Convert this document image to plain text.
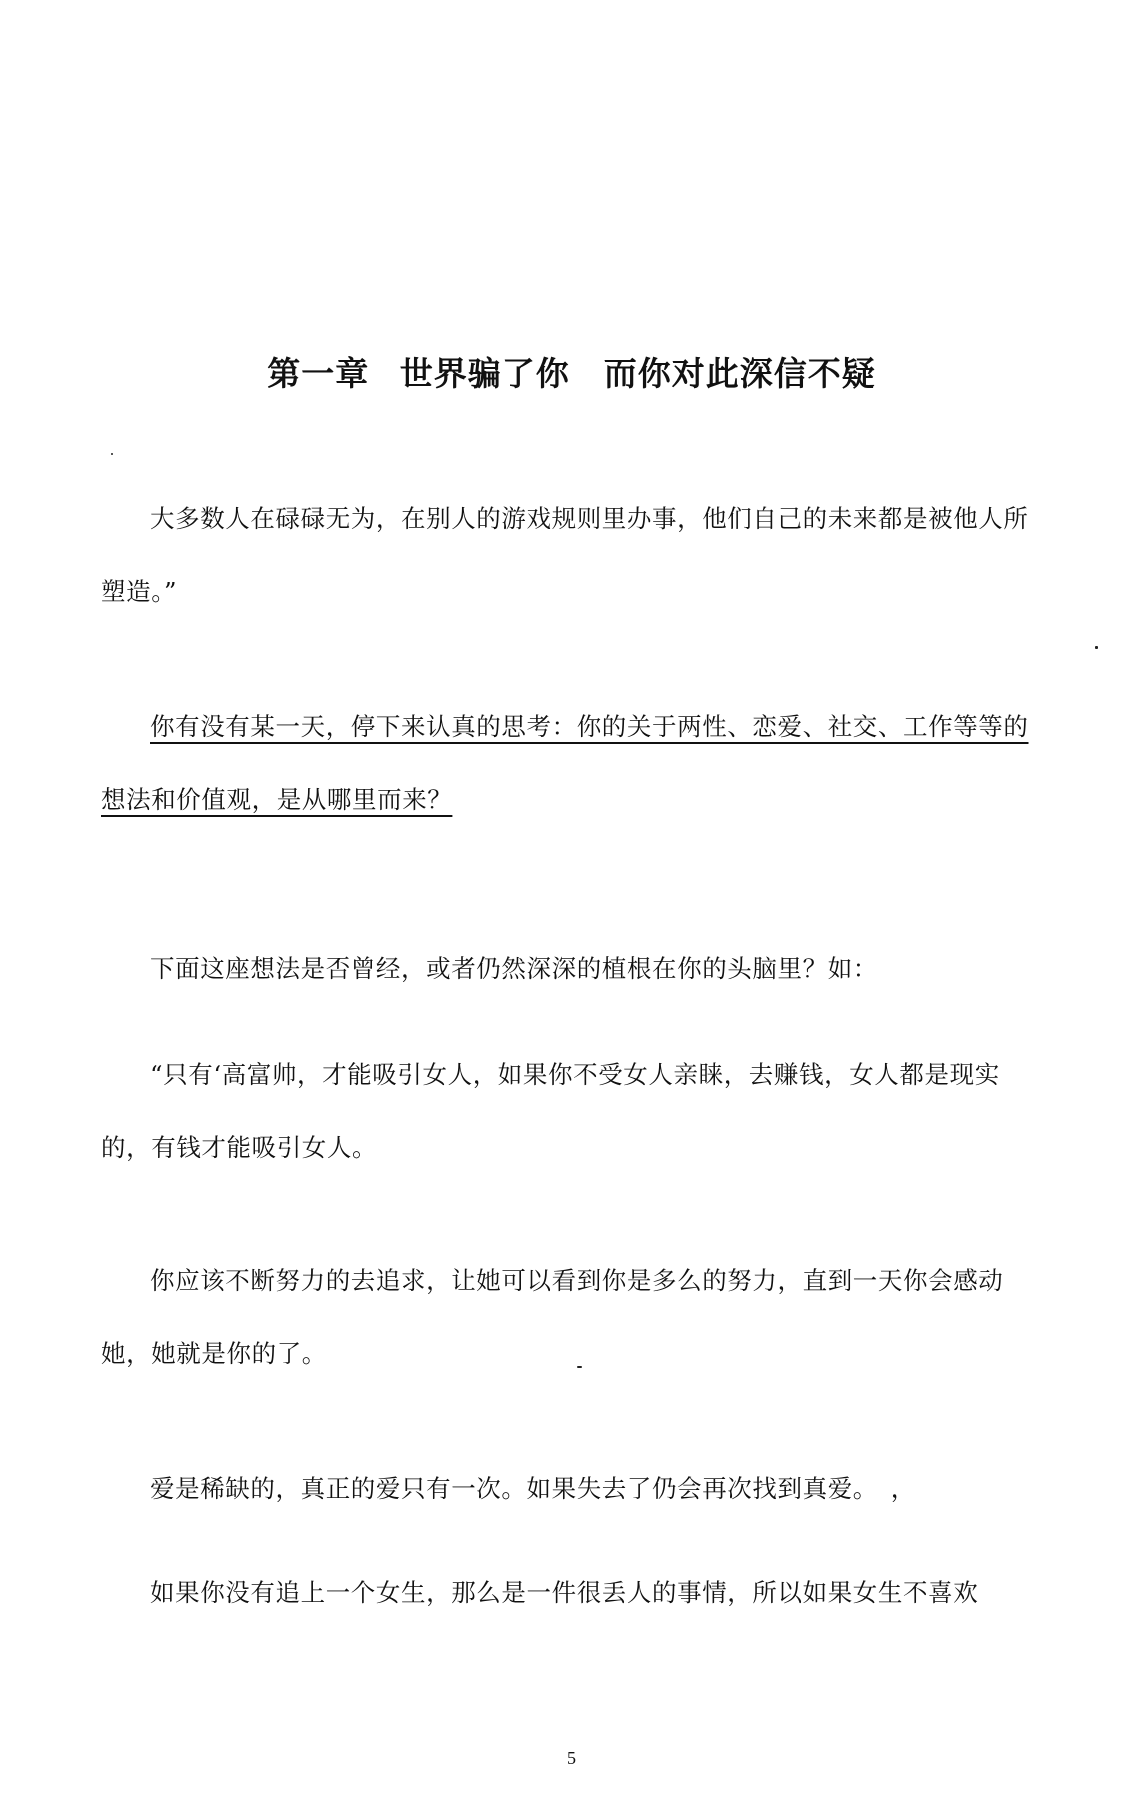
第一章 世界骗了你　而你对此深信不疑
大多数人在碌碌无为，在别人的游戏规则里办事，他们自己的未来都是被他人所塑造。”
你有没有某一天，停下来认真的思考：你的关于两性、恋爱、社交、工作等等的想法和价值观，是从哪里而来？
下面这座想法是否曾经，或者仍然深深的植根在你的头脑里？如：
“只有‘高富帅，才能吸引女人，如果你不受女人亲睐，去赚钱，女人都是现实的，有钱才能吸引女人。
你应该不断努力的去追求，让她可以看到你是多么的努力，直到一天你会感动她，她就是你的了。
爱是稀缺的，真正的爱只有一次。如果失去了仍会再次找到真爱。　，
如果你没有追上一个女生，那么是一件很丢人的事情，所以如果女生不喜欢
5
